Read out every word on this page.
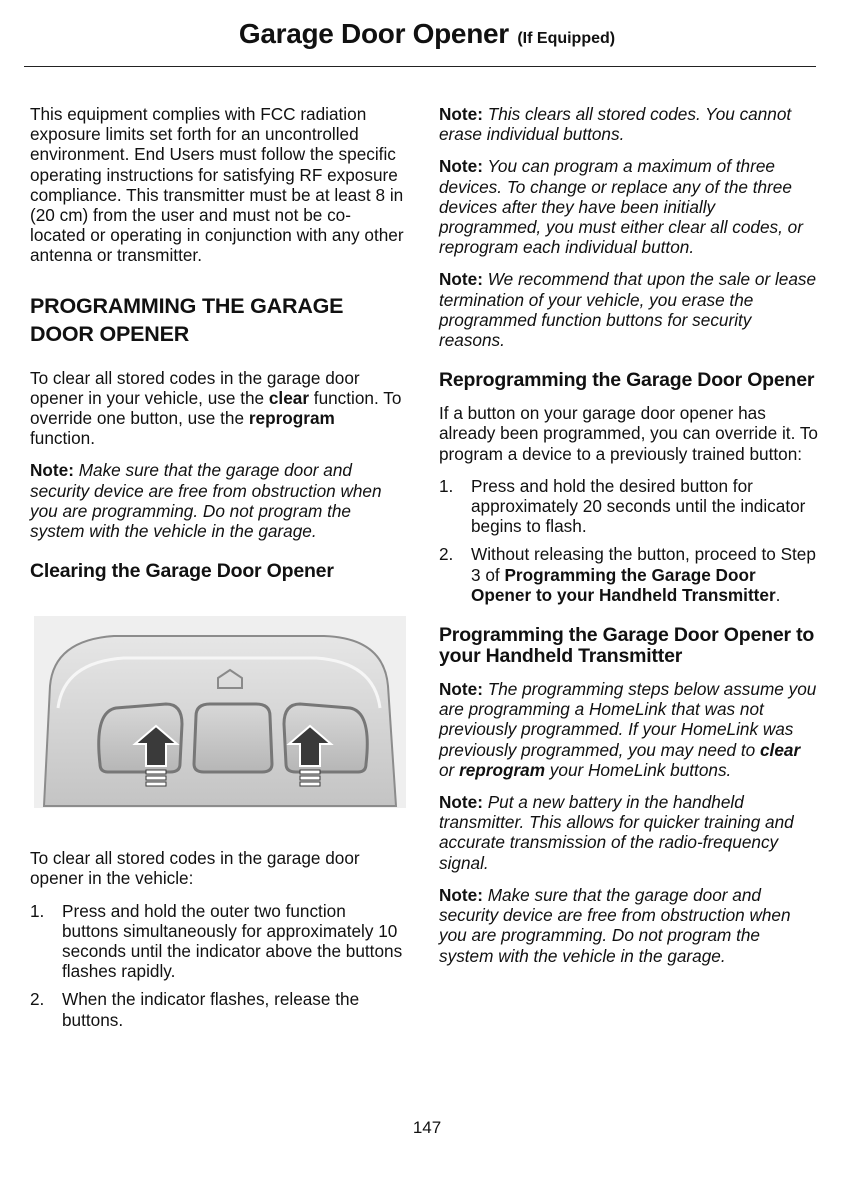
Garage Door Opener (If Equipped)

This equipment complies with FCC radiation exposure limits set forth for an uncontrolled environment. End Users must follow the specific operating instructions for satisfying RF exposure compliance. This transmitter must be at least 8 in (20 cm) from the user and must not be co-located or operating in conjunction with any other antenna or transmitter.

PROGRAMMING THE GARAGE DOOR OPENER

To clear all stored codes in the garage door opener in your vehicle, use the clear function. To override one button, use the reprogram function.

Note: Make sure that the garage door and security device are free from obstruction when you are programming. Do not program the system with the vehicle in the garage.

Clearing the Garage Door Opener

To clear all stored codes in the garage door opener in the vehicle:

1. Press and hold the outer two function buttons simultaneously for approximately 10 seconds until the indicator above the buttons flashes rapidly.
2. When the indicator flashes, release the buttons.

Note: This clears all stored codes. You cannot erase individual buttons.

Note: You can program a maximum of three devices. To change or replace any of the three devices after they have been initially programmed, you must either clear all codes, or reprogram each individual button.

Note: We recommend that upon the sale or lease termination of your vehicle, you erase the programmed function buttons for security reasons.

Reprogramming the Garage Door Opener

If a button on your garage door opener has already been programmed, you can override it. To program a device to a previously trained button:

1. Press and hold the desired button for approximately 20 seconds until the indicator begins to flash.
2. Without releasing the button, proceed to Step 3 of Programming the Garage Door Opener to your Handheld Transmitter.
Programming the Garage Door Opener to your Handheld Transmitter

Note: The programming steps below assume you are programming a HomeLink that was not previously programmed. If your HomeLink was previously programmed, you may need to clear or reprogram your HomeLink buttons.

Note: Put a new battery in the handheld transmitter. This allows for quicker training and accurate transmission of the radio-frequency signal.

Note: Make sure that the garage door and security device are free from obstruction when you are programming. Do not program the system with the vehicle in the garage.

147
